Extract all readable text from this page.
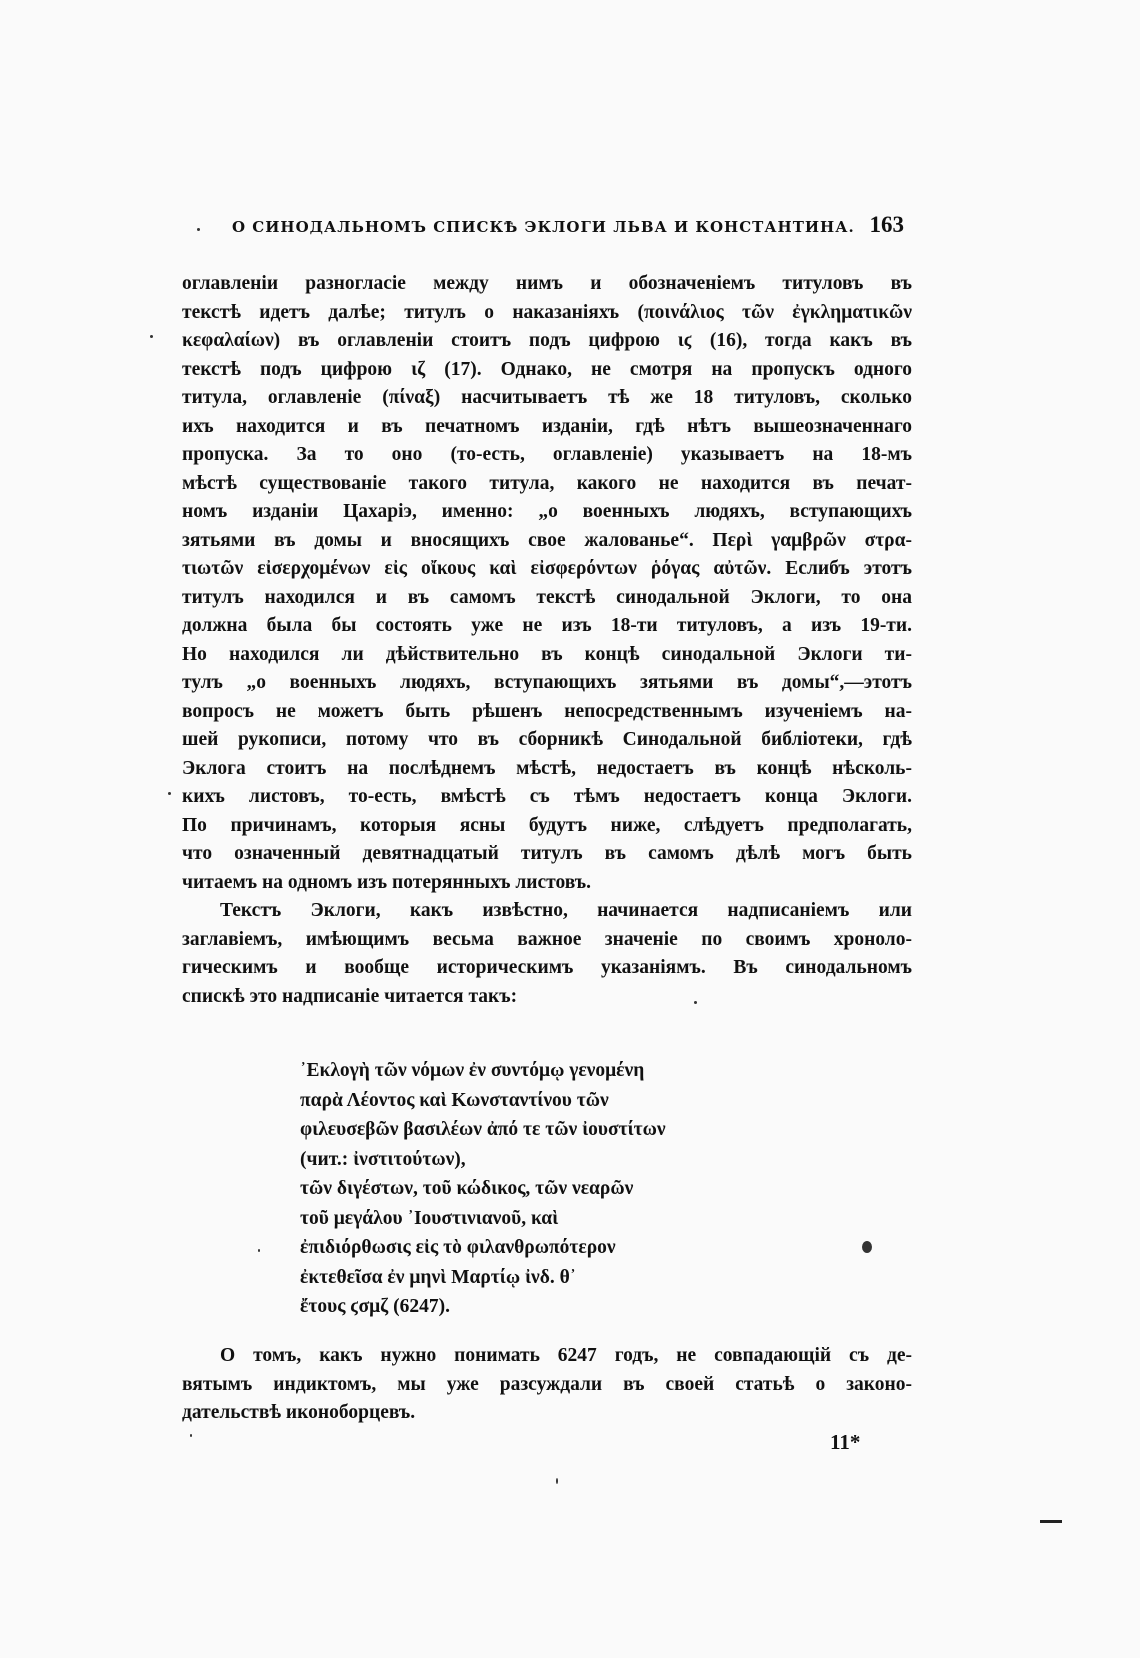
О СИНОДАЛЬНОМЪ СПИСКѢ ЭКЛОГИ ЛЬВА И КОНСТАНТИНА. 163
оглавленіи разногласіе между нимъ и обозначеніемъ титуловъ въ
текстѣ идетъ далѣе; титулъ о наказаніяхъ (ποινάλιος τῶν ἐγκληματικῶν
κεφαλαίων) въ оглавленіи стоитъ подъ цифрою ιϛ (16), тогда какъ въ
текстѣ подъ цифрою ιζ (17). Однако, не смотря на пропускъ одного
титула, оглавленіе (πίναξ) насчитываетъ тѣ же 18 титуловъ, сколько
ихъ находится и въ печатномъ изданіи, гдѣ нѣтъ вышеозначеннаго
пропуска. За то оно (то-есть, оглавленіе) указываетъ на 18-мъ
мѣстѣ существованіе такого титула, какого не находится въ печат-
номъ изданіи Цахаріэ, именно: „о военныхъ людяхъ, вступающихъ
зятьями въ домы и вносящихъ свое жалованье“. Περὶ γαμβρῶν στρα-
τιωτῶν εἰσερχομένων εἰς οἴκους καὶ εἰσφερόντων ῥόγας αὐτῶν. Еслибъ этотъ
титулъ находился и въ самомъ текстѣ синодальной Эклоги, то она
должна была бы состоять уже не изъ 18-ти титуловъ, а изъ 19-ти.
Но находился ли дѣйствительно въ концѣ синодальной Эклоги ти-
тулъ „о военныхъ людяхъ, вступающихъ зятьями въ домы“,—этотъ
вопросъ не можетъ быть рѣшенъ непосредственнымъ изученіемъ на-
шей рукописи, потому что въ сборникѣ Синодальной библіотеки, гдѣ
Эклога стоитъ на послѣднемъ мѣстѣ, недостаетъ въ концѣ нѣсколь-
кихъ листовъ, то-есть, вмѣстѣ съ тѣмъ недостаетъ конца Эклоги.
По причинамъ, которыя ясны будутъ ниже, слѣдуетъ предполагать,
что означенный девятнадцатый титулъ въ самомъ дѣлѣ могъ быть
читаемъ на одномъ изъ потерянныхъ листовъ.
Текстъ Эклоги, какъ извѣстно, начинается надписаніемъ или
заглавіемъ, имѣющимъ весьма важное значеніе по своимъ хроноло-
гическимъ и вообще историческимъ указаніямъ. Въ синодальномъ
спискѣ это надписаніе читается такъ:
᾿Εκλογὴ τῶν νόμων ἐν συντόμῳ γενομένη
παρὰ Λέοντος καὶ Κωνσταντίνου τῶν
φιλευσεβῶν βασιλέων ἀπό τε τῶν ἰουστίτων
(чит.: ἰνστιτούτων),
τῶν διγέστων, τοῦ κώδικος, τῶν νεαρῶν
τοῦ μεγάλου ᾿Ιουστινιανοῦ, καὶ
ἐπιδιόρθωσις εἰς τὸ φιλανθρωπότερον
ἐκτεθεῖσα ἐν μηνὶ Μαρτίῳ ἰνδ. θ᾿
ἔτους ϛσμζ (6247).
О томъ, какъ нужно понимать 6247 годъ, не совпадающій съ де-
вятымъ индиктомъ, мы уже разсуждали въ своей статьѣ о законо-
дательствѣ иконоборцевъ.
11*
